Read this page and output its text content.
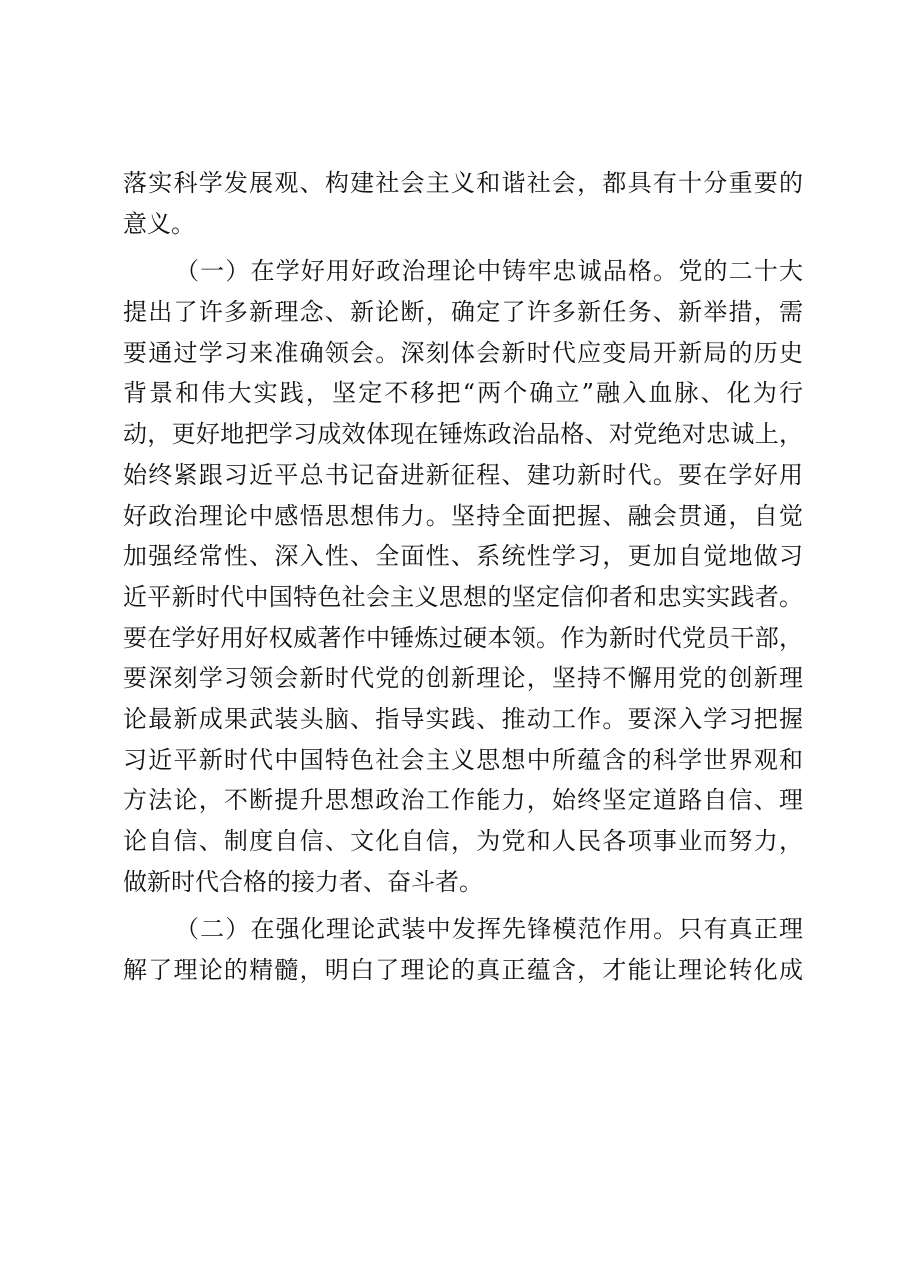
落实科学发展观、构建社会主义和谐社会，都具有十分重要的
意义。
（一）在学好用好政治理论中铸牢忠诚品格。党的二十大
提出了许多新理念、新论断，确定了许多新任务、新举措，需
要通过学习来准确领会。深刻体会新时代应变局开新局的历史
背景和伟大实践，坚定不移把“两个确立”融入血脉、化为行
动，更好地把学习成效体现在锤炼政治品格、对党绝对忠诚上，
始终紧跟习近平总书记奋进新征程、建功新时代。要在学好用
好政治理论中感悟思想伟力。坚持全面把握、融会贯通，自觉
加强经常性、深入性、全面性、系统性学习，更加自觉地做习
近平新时代中国特色社会主义思想的坚定信仰者和忠实实践者。
要在学好用好权威著作中锤炼过硬本领。作为新时代党员干部，
要深刻学习领会新时代党的创新理论，坚持不懈用党的创新理
论最新成果武装头脑、指导实践、推动工作。要深入学习把握
习近平新时代中国特色社会主义思想中所蕴含的科学世界观和
方法论，不断提升思想政治工作能力，始终坚定道路自信、理
论自信、制度自信、文化自信，为党和人民各项事业而努力，
做新时代合格的接力者、奋斗者。
（二）在强化理论武装中发挥先锋模范作用。只有真正理
解了理论的精髓，明白了理论的真正蕴含，才能让理论转化成
